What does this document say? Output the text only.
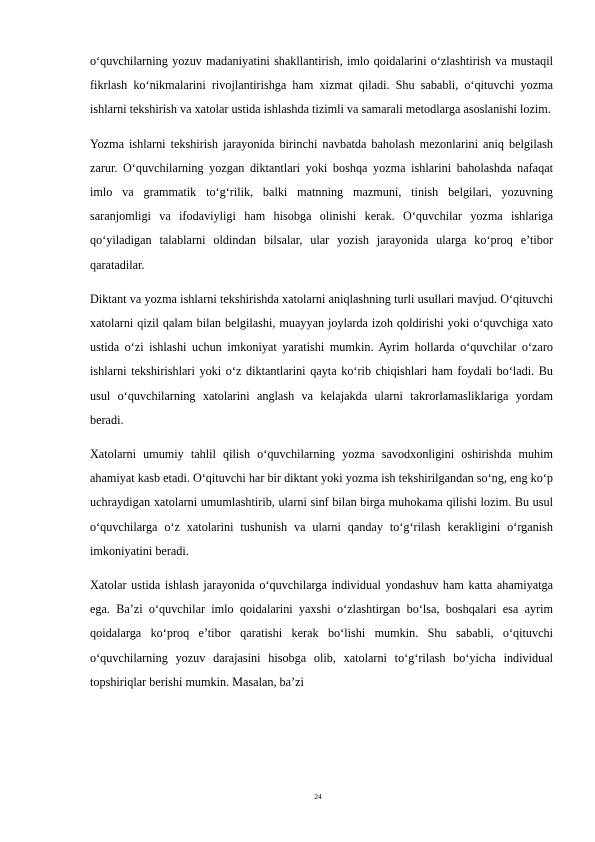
o‘quvchilarning yozuv madaniyatini shakllantirish, imlo qoidalarini o‘zlashtirish va mustaqil fikrlash ko‘nikmalarini rivojlantirishga ham xizmat qiladi. Shu sababli, o‘qituvchi yozma ishlarni tekshirish va xatolar ustida ishlashda tizimli va samarali metodlarga asoslanishi lozim.

Yozma ishlarni tekshirish jarayonida birinchi navbatda baholash mezonlarini aniq belgilash zarur. O‘quvchilarning yozgan diktantlari yoki boshqa yozma ishlarini baholashda nafaqat imlo va grammatik to‘g‘rilik, balki matnning mazmuni, tinish belgilari, yozuvning saranjomligi va ifodaviyligi ham hisobga olinishi kerak. O‘quvchilar yozma ishlariga qo‘yiladigan talablarni oldindan bilsalar, ular yozish jarayonida ularga ko‘proq e’tibor qaratadilar.

Diktant va yozma ishlarni tekshirishda xatolarni aniqlashning turli usullari mavjud. O‘qituvchi xatolarni qizil qalam bilan belgilashi, muayyan joylarda izoh qoldirishi yoki o‘quvchiga xato ustida o‘zi ishlashi uchun imkoniyat yaratishi mumkin. Ayrim hollarda o‘quvchilar o‘zaro ishlarni tekshirishlari yoki o‘z diktantlarini qayta ko‘rib chiqishlari ham foydali bo‘ladi. Bu usul o‘quvchilarning xatolarini anglash va kelajakda ularni takrorlamasliklariga yordam beradi.

Xatolarni umumiy tahlil qilish o‘quvchilarning yozma savodxonligini oshirishda muhim ahamiyat kasb etadi. O‘qituvchi har bir diktant yoki yozma ish tekshirilgandan so‘ng, eng ko‘p uchraydigan xatolarni umumlashtirib, ularni sinf bilan birga muhokama qilishi lozim. Bu usul o‘quvchilarga o‘z xatolarini tushunish va ularni qanday to‘g‘rilash kerakligini o‘rganish imkoniyatini beradi.

Xatolar ustida ishlash jarayonida o‘quvchilarga individual yondashuv ham katta ahamiyatga ega. Ba’zi o‘quvchilar imlo qoidalarini yaxshi o‘zlashtirgan bo‘lsa, boshqalari esa ayrim qoidalarga ko‘proq e’tibor qaratishi kerak bo‘lishi mumkin. Shu sababli, o‘qituvchi o‘quvchilarning yozuv darajasini hisobga olib, xatolarni to‘g‘rilash bo‘yicha individual topshiriqlar berishi mumkin. Masalan, ba’zi

24
